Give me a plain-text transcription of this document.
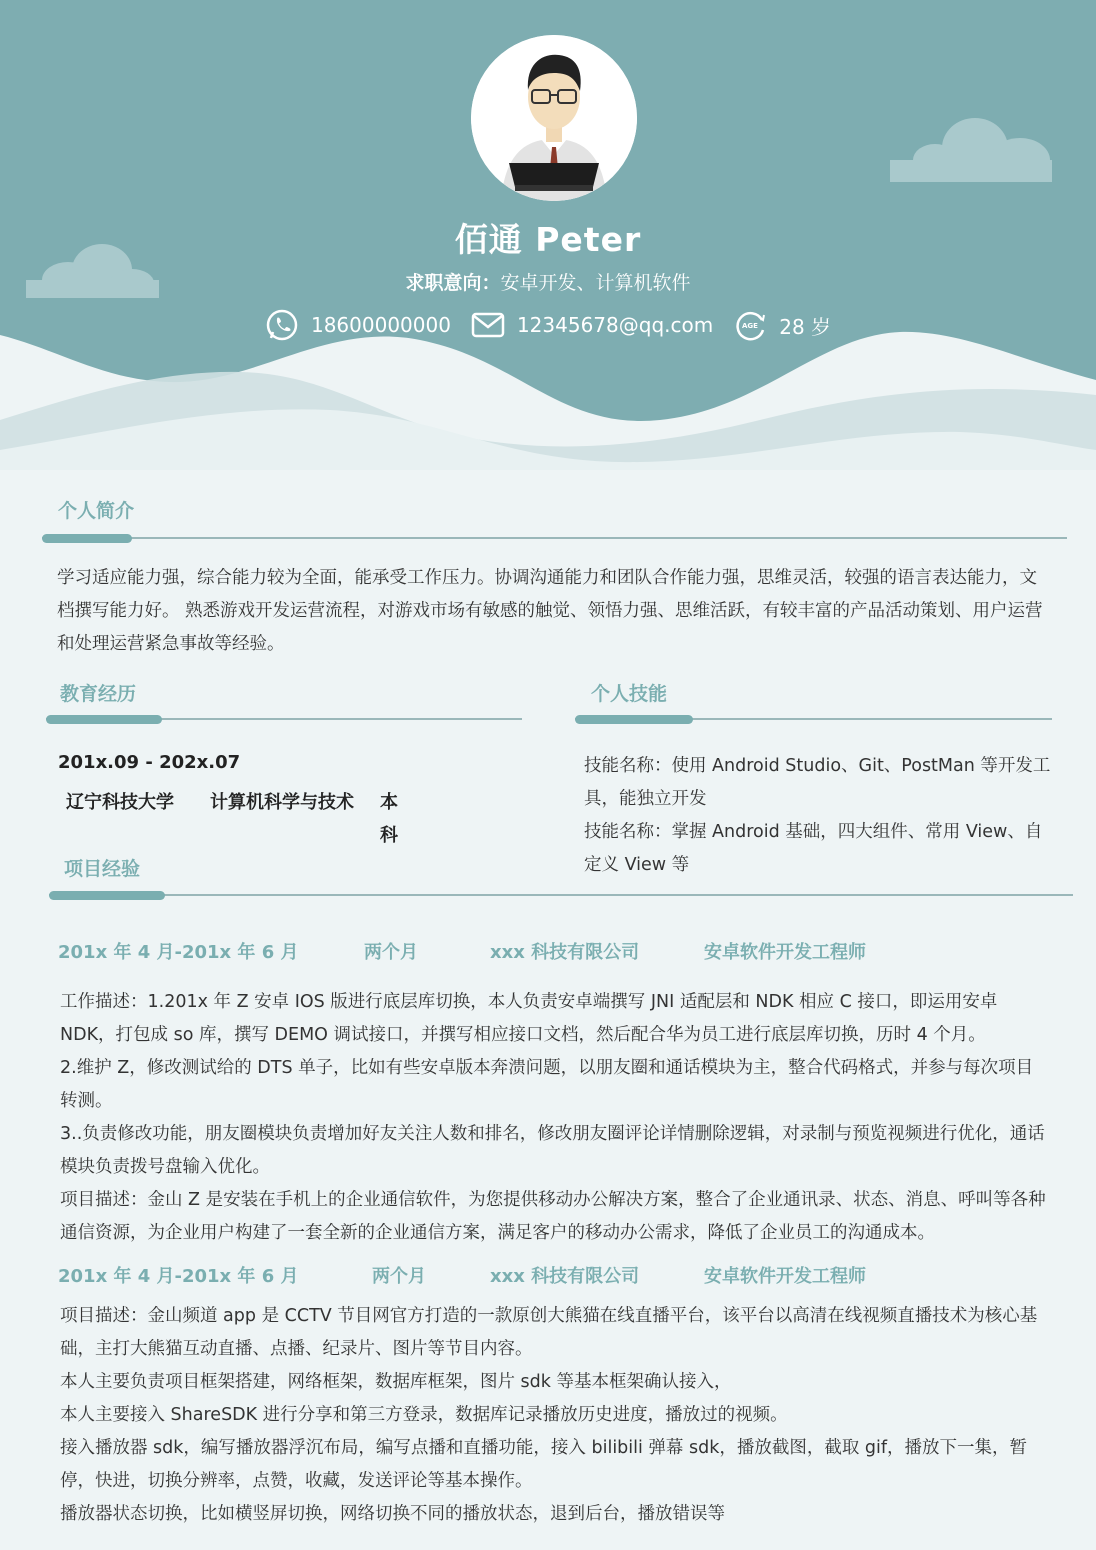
佰通 Peter
求职意向：安卓开发、计算机软件
18600000000	12345678@qq.com	AGE 28 岁
个人简介
学习适应能力强，综合能力较为全面，能承受工作压力。协调沟通能力和团队合作能力强，思维灵活，较强的语言表达能力，文档撰写能力好。 熟悉游戏开发运营流程，对游戏市场有敏感的触觉、领悟力强、思维活跃，有较丰富的产品活动策划、用户运营和处理运营紧急事故等经验。
教育经历
201x.09 - 202x.07
辽宁科技大学 计算机科学与技术 本科
个人技能
技能名称：使用 Android Studio、Git、PostMan 等开发工具，能独立开发
技能名称：掌握 Android 基础，四大组件、常用 View、自定义 View 等
项目经验
201x 年 4 月-201x 年 6 月	两个月	xxx 科技有限公司	安卓软件开发工程师
工作描述：1.201x 年 Z 安卓 IOS 版进行底层库切换，本人负责安卓端撰写 JNI 适配层和 NDK 相应 C 接口，即运用安卓NDK，打包成 so 库，撰写 DEMO 调试接口，并撰写相应接口文档，然后配合华为员工进行底层库切换，历时 4 个月。
2.维护 Z，修改测试给的 DTS 单子，比如有些安卓版本奔溃问题，以朋友圈和通话模块为主，整合代码格式，并参与每次项目转测。
3..负责修改功能，朋友圈模块负责增加好友关注人数和排名，修改朋友圈评论详情删除逻辑，对录制与预览视频进行优化，通话模块负责拨号盘输入优化。
项目描述：金山 Z 是安装在手机上的企业通信软件，为您提供移动办公解决方案，整合了企业通讯录、状态、消息、呼叫等各种通信资源，为企业用户构建了一套全新的企业通信方案，满足客户的移动办公需求，降低了企业员工的沟通成本。
201x 年 4 月-201x 年 6 月	两个月	xxx 科技有限公司	安卓软件开发工程师
项目描述：金山频道 app 是 CCTV 节目网官方打造的一款原创大熊猫在线直播平台，该平台以高清在线视频直播技术为核心基础，主打大熊猫互动直播、点播、纪录片、图片等节目内容。
本人主要负责项目框架搭建，网络框架，数据库框架，图片 sdk 等基本框架确认接入，
本人主要接入 ShareSDK 进行分享和第三方登录，数据库记录播放历史进度，播放过的视频。
接入播放器 sdk，编写播放器浮沉布局，编写点播和直播功能，接入 bilibili 弹幕 sdk，播放截图，截取 gif，播放下一集，暂停，快进，切换分辨率，点赞，收藏，发送评论等基本操作。
播放器状态切换，比如横竖屏切换，网络切换不同的播放状态，退到后台，播放错误等
